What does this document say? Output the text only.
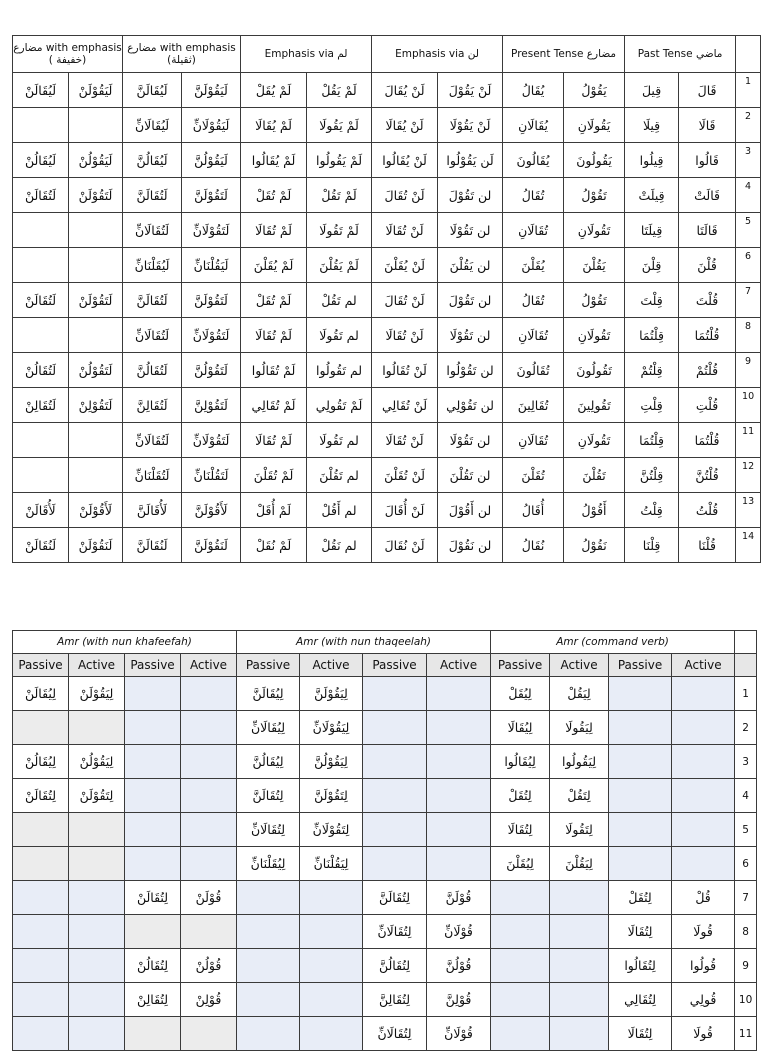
مضارع with emphasis ( خفيفة)		مضارع with emphasis (ثقيلة)		Emphasis via لم		Emphasis via لن		Present Tense مضارع		Past Tense ماضي		
لَيُقَالَنْ	لَيَقُوْلَنْ	لَيُقَالَنَّ	لَيَقُوْلَنَّ	لَمْ يُقَلْ	لَمْ يَقُلْ	لَنْ يُقَالَ	لَنْ يَقُوْلَ	يُقَالُ	يَقُوْلُ	قِيلَ	قَالَ	1
		لَيُقَالَانِّ	لَيَقُوْلَانِّ	لَمْ يُقَالَا	لَمْ يَقُولَا	لَنْ يُقَالَا	لَنْ يَقُوْلَا	يُقَالَانِ	يَقُولَانِ	قِيلَا	قَالَا	2
لَيُقَالُنْ	لَيَقُوْلُنْ	لَيُقَالُنَّ	لَيَقُوْلُنَّ	لَمْ يُقَالُوا	لَمْ يَقُولُوا	لَنْ يُقَالُوا	لَن يَقُوْلُوا	يُقَالُونَ	يَقُولُونَ	قِيلُوا	قَالُوا	3
لَتُقَالَنْ	لَتَقُوْلَنْ	لَتُقَالَنَّ	لَتَقُوْلَنَّ	لَمْ تُقَلْ	لَمْ تَقُلْ	لَنْ تُقَالَ	لن تَقُوْلَ	تُقَالُ	تَقُوْلُ	قِيلَتْ	قَالَتْ	4
		لَتُقَالَانِّ	لَتَقُوْلَانِّ	لَمْ تُقَالَا	لَمْ تَقُولَا	لَنْ تُقَالَا	لن تَقُوْلَا	تُقَالَانِ	تَقُولَانِ	قِيلَتَا	قَالَتَا	5
		لَيُقَلْنَانِّ	لَيَقُلْنَانِّ	لَمْ يُقَلْنَ	لَمْ يَقُلْنَ	لَنْ يُقَلْنَ	لن يَقُلْنَ	يُقَلْنَ	يَقُلْنَ	قِلْنَ	قُلْنَ	6
لَتُقَالَنْ	لَتَقُوْلَنْ	لَتُقَالَنَّ	لَتَقُوْلَنَّ	لَمْ تُقَلْ	لم تَقُلْ	لَنْ تُقَالَ	لن تَقُوْلَ	تُقَالُ	تَقُوْلُ	قِلْتَ	قُلْتَ	7
		لَتُقَالَانِّ	لَتَقُوْلَانِّ	لَمْ تُقَالَا	لم تَقُولَا	لَنْ تُقَالَا	لن تَقُوْلَا	تُقَالَانِ	تَقُولَانِ	قِلْتُمَا	قُلْتُمَا	8
لَتُقَالُنْ	لَتَقُوْلُنْ	لَتُقَالُنَّ	لَتَقُوْلُنَّ	لَمْ تُقَالُوا	لم تَقُولُوا	لَنْ تُقَالُوا	لن تَقُوْلُوا	تُقَالُونَ	تَقُولُونَ	قِلْتُمْ	قُلْتُمْ	9
لَتُقَالِنْ	لَتَقُوْلِنْ	لَتُقَالِنَّ	لَتَقُوْلِنَّ	لَمْ تُقَالِي	لَمْ تَقُولِي	لَنْ تُقَالِي	لن تَقُوْلِي	تُقَالِينَ	تَقُولِينَ	قِلْتِ	قُلْتِ	10
		لَتُقَالَانِّ	لَتَقُوْلَانِّ	لَمْ تُقَالَا	لم تَقُولَا	لَنْ تُقَالَا	لن تَقُوْلَا	تُقَالَانِ	تَقُولَانِ	قِلْتُمَا	قُلْتُمَا	11
		لَتُقَلْنَانِّ	لَتَقُلْنَانِّ	لَمْ تُقَلْنَ	لم تَقُلْنَ	لَنْ تُقَلْنَ	لن تَقُلْنَ	تُقَلْنَ	تَقُلْنَ	قِلْتُنَّ	قُلْتُنَّ	12
لَأُقَالَنْ	لَأَقُوْلَنْ	لَأُقَالَنَّ	لَأَقُوْلَنَّ	لَمْ أُقَلْ	لم أَقُلْ	لَنْ أُقَالَ	لن أَقُوْلَ	أُقَالُ	أَقُوْلُ	قِلْتُ	قُلْتُ	13
لَنُقَالَنْ	لَنَقُوْلَنْ	لَنُقَالَنَّ	لَنَقُوْلَنَّ	لَمْ نُقَلْ	لم نَقُلْ	لَنْ نُقَالَ	لن نَقُوْلَ	نُقَالُ	نَقُوْلُ	قِلْنَا	قُلْنَا	14
Amr (with nun khafeefah)				Amr (with nun thaqeelah)				Amr (command verb)				
Passive	Active	Passive	Active	Passive	Active	Passive	Active	Passive	Active	Passive	Active	
لِيُقَالَنْ	لِيَقُوْلَنْ			لِيُقَالَنَّ	لِيَقُوْلَنَّ			لِيُقَلْ	لِيَقُلْ			1
				لِيُقَالَانِّ	لِيَقُوْلَانِّ			لِيُقَالَا	لِيَقُولَا			2
لِيُقَالُنْ	لِيَقُوْلُنْ			لِيُقَالُنَّ	لِيَقُوْلُنَّ			لِيُقَالُوا	لِيَقُولُوا			3
لِتُقَالَنْ	لِتَقُوْلَنْ			لِتُقَالَنَّ	لِتَقُوْلَنَّ			لِتُقَلْ	لِتَقُلْ			4
				لِتُقَالَانِّ	لِتَقُوْلَانِّ			لِتُقَالَا	لِتَقُولَا			5
				لِيُقَلْنَانِّ	لِيَقُلْنَانِّ			لِيُقَلْنَ	لِيَقُلْنَ			6
		لِتُقَالَنْ	قُوْلَنْ			لِتُقَالَنَّ	قُوْلَنَّ			لِتُقَلْ	قُلْ	7
						لِتُقَالَانِّ	قُوْلَانِّ			لِتُقَالَا	قُولَا	8
		لِتُقَالُنْ	قُوْلُنْ			لِتُقَالُنَّ	قُوْلُنَّ			لِتُقَالُوا	قُولُوا	9
		لِتُقَالِنْ	قُوْلِنْ			لِتُقَالِنَّ	قُوْلِنَّ			لِتُقَالِي	قُولِي	10
						لِتُقَالَانِّ	قُوْلَانِّ			لِتُقَالَا	قُولَا	11
